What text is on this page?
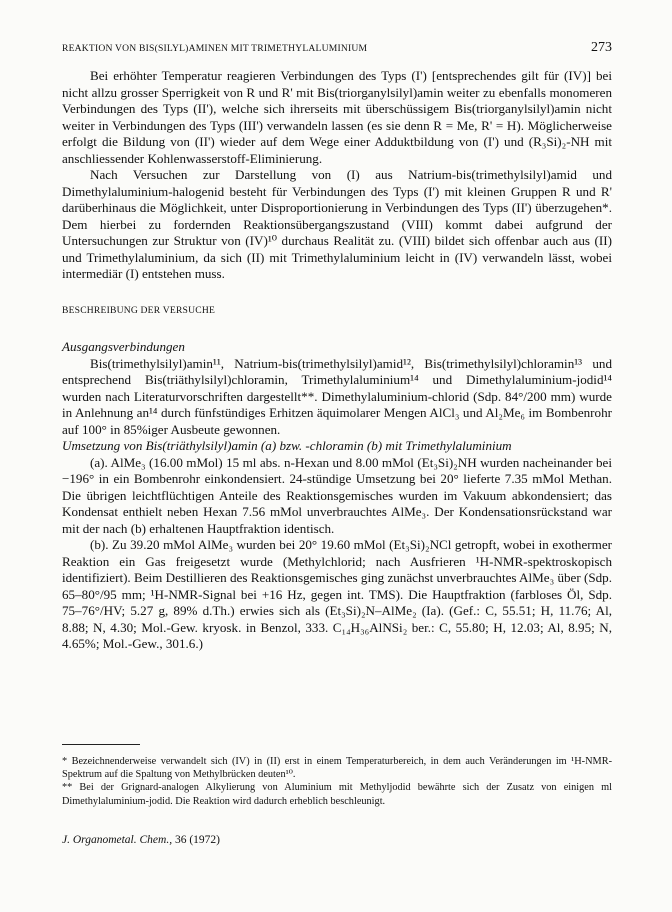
REAKTION VON BIS(SILYL)AMINEN MIT TRIMETHYLALUMINIUM	273

Bei erhöhter Temperatur reagieren Verbindungen des Typs (I') [entsprechendes gilt für (IV)] bei nicht allzu grosser Sperrigkeit von R und R' mit Bis(triorganylsilyl)amin weiter zu ebenfalls monomeren Verbindungen des Typs (II'), welche sich ihrerseits mit überschüssigem Bis(triorganylsilyl)amin nicht weiter in Verbindungen des Typs (III') verwandeln lassen (es sie denn R = Me, R' = H). Möglicherweise erfolgt die Bildung von (II') wieder auf dem Wege einer Adduktbildung von (I') und (R₃Si)₂-NH mit anschliessender Kohlenwasserstoff-Eliminierung.

Nach Versuchen zur Darstellung von (I) aus Natrium-bis(trimethylsilyl)amid und Dimethylaluminium-halogenid besteht für Verbindungen des Typs (I') mit kleinen Gruppen R und R' darüberhinaus die Möglichkeit, unter Disproportionierung in Verbindungen des Typs (II') überzugehen*. Dem hierbei zu fordernden Reaktionsübergangszustand (VIII) kommt dabei aufgrund der Untersuchungen zur Struktur von (IV)¹⁰ durchaus Realität zu. (VIII) bildet sich offenbar auch aus (II) und Trimethylaluminium, da sich (II) mit Trimethylaluminium leicht in (IV) verwandeln lässt, wobei intermediär (I) entstehen muss.

BESCHREIBUNG DER VERSUCHE

Ausgangsverbindungen

Bis(trimethylsilyl)amin¹¹, Natrium-bis(trimethylsilyl)amid¹², Bis(trimethylsilyl)chloramin¹³ und entsprechend Bis(triäthylsilyl)chloramin, Trimethylaluminium¹⁴ und Dimethylaluminium-jodid¹⁴ wurden nach Literaturvorschriften dargestellt**. Dimethylaluminium-chlorid (Sdp. 84°/200 mm) wurde in Anlehnung an¹⁴ durch fünfstündiges Erhitzen äquimolarer Mengen AlCl₃ und Al₂Me₆ im Bombenrohr auf 100° in 85%iger Ausbeute gewonnen.

Umsetzung von Bis(triäthylsilyl)amin (a) bzw. -chloramin (b) mit Trimethylaluminium

(a). AlMe₃ (16.00 mMol) 15 ml abs. n-Hexan und 8.00 mMol (Et₃Si)₂NH wurden nacheinander bei −196° in ein Bombenrohr einkondensiert. 24-stündige Umsetzung bei 20° lieferte 7.35 mMol Methan. Die übrigen leichtflüchtigen Anteile des Reaktionsgemisches wurden im Vakuum abkondensiert; das Kondensat enthielt neben Hexan 7.56 mMol unverbrauchtes AlMe₃. Der Kondensationsrückstand war mit der nach (b) erhaltenen Hauptfraktion identisch.

(b). Zu 39.20 mMol AlMe₃ wurden bei 20° 19.60 mMol (Et₃Si)₂NCl getropft, wobei in exothermer Reaktion ein Gas freigesetzt wurde (Methylchlorid; nach Ausfrieren ¹H-NMR-spektroskopisch identifiziert). Beim Destillieren des Reaktionsgemisches ging zunächst unverbrauchtes AlMe₃ über (Sdp. 65–80°/95 mm; ¹H-NMR-Signal bei +16 Hz, gegen int. TMS). Die Hauptfraktion (farbloses Öl, Sdp. 75–76°/HV; 5.27 g, 89% d.Th.) erwies sich als (Et₃Si)₂N–AlMe₂ (Ia). (Gef.: C, 55.51; H, 11.76; Al, 8.88; N, 4.30; Mol.-Gew. kryosk. in Benzol, 333. C₁₄H₃₆AlNSi₂ ber.: C, 55.80; H, 12.03; Al, 8.95; N, 4.65%; Mol.-Gew., 301.6.)

* Bezeichnenderweise verwandelt sich (IV) in (II) erst in einem Temperaturbereich, in dem auch Veränderungen im ¹H-NMR-Spektrum auf die Spaltung von Methylbrücken deuten¹⁰.

** Bei der Grignard-analogen Alkylierung von Aluminium mit Methyljodid bewährte sich der Zusatz von einigen ml Dimethylaluminium-jodid. Die Reaktion wird dadurch erheblich beschleunigt.

J. Organometal. Chem., 36 (1972)
